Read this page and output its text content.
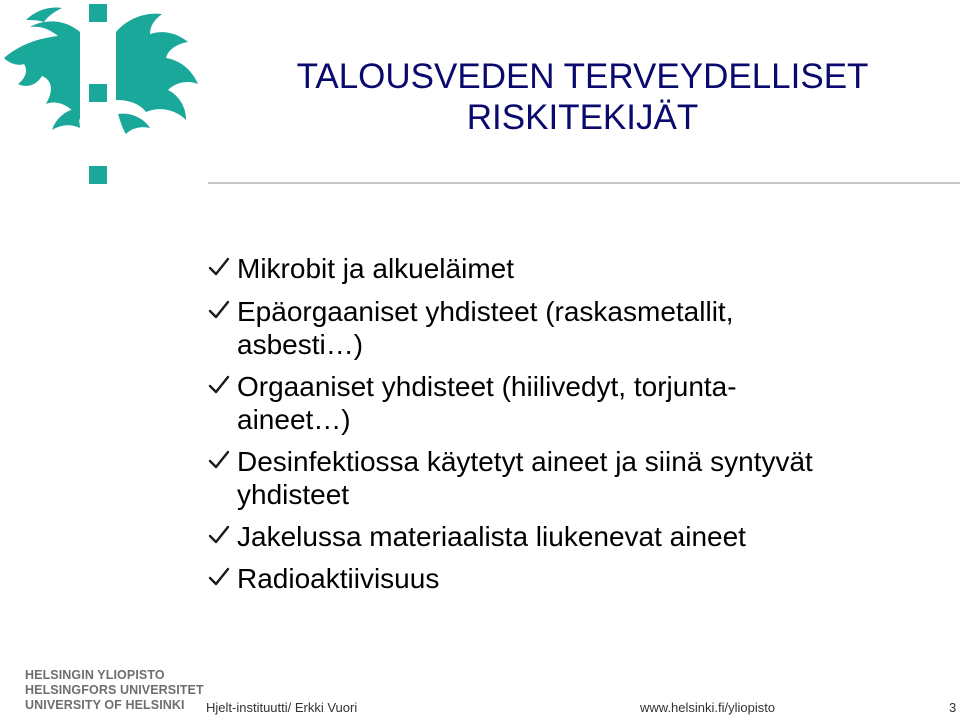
TALOUSVEDEN TERVEYDELLISET
RISKITEKIJÄT
Mikrobit ja alkueläimet
Epäorgaaniset yhdisteet (raskasmetallit,
asbesti…)
Orgaaniset yhdisteet (hiilivedyt, torjunta-
aineet…)
Desinfektiossa käytetyt aineet ja siinä syntyvät
yhdisteet
Jakelussa materiaalista liukenevat aineet
Radioaktiivisuus
HELSINGIN YLIOPISTO
HELSINGFORS UNIVERSITET
UNIVERSITY OF HELSINKI	Hjelt-instituutti/ Erkki Vuori	www.helsinki.fi/yliopisto	3
